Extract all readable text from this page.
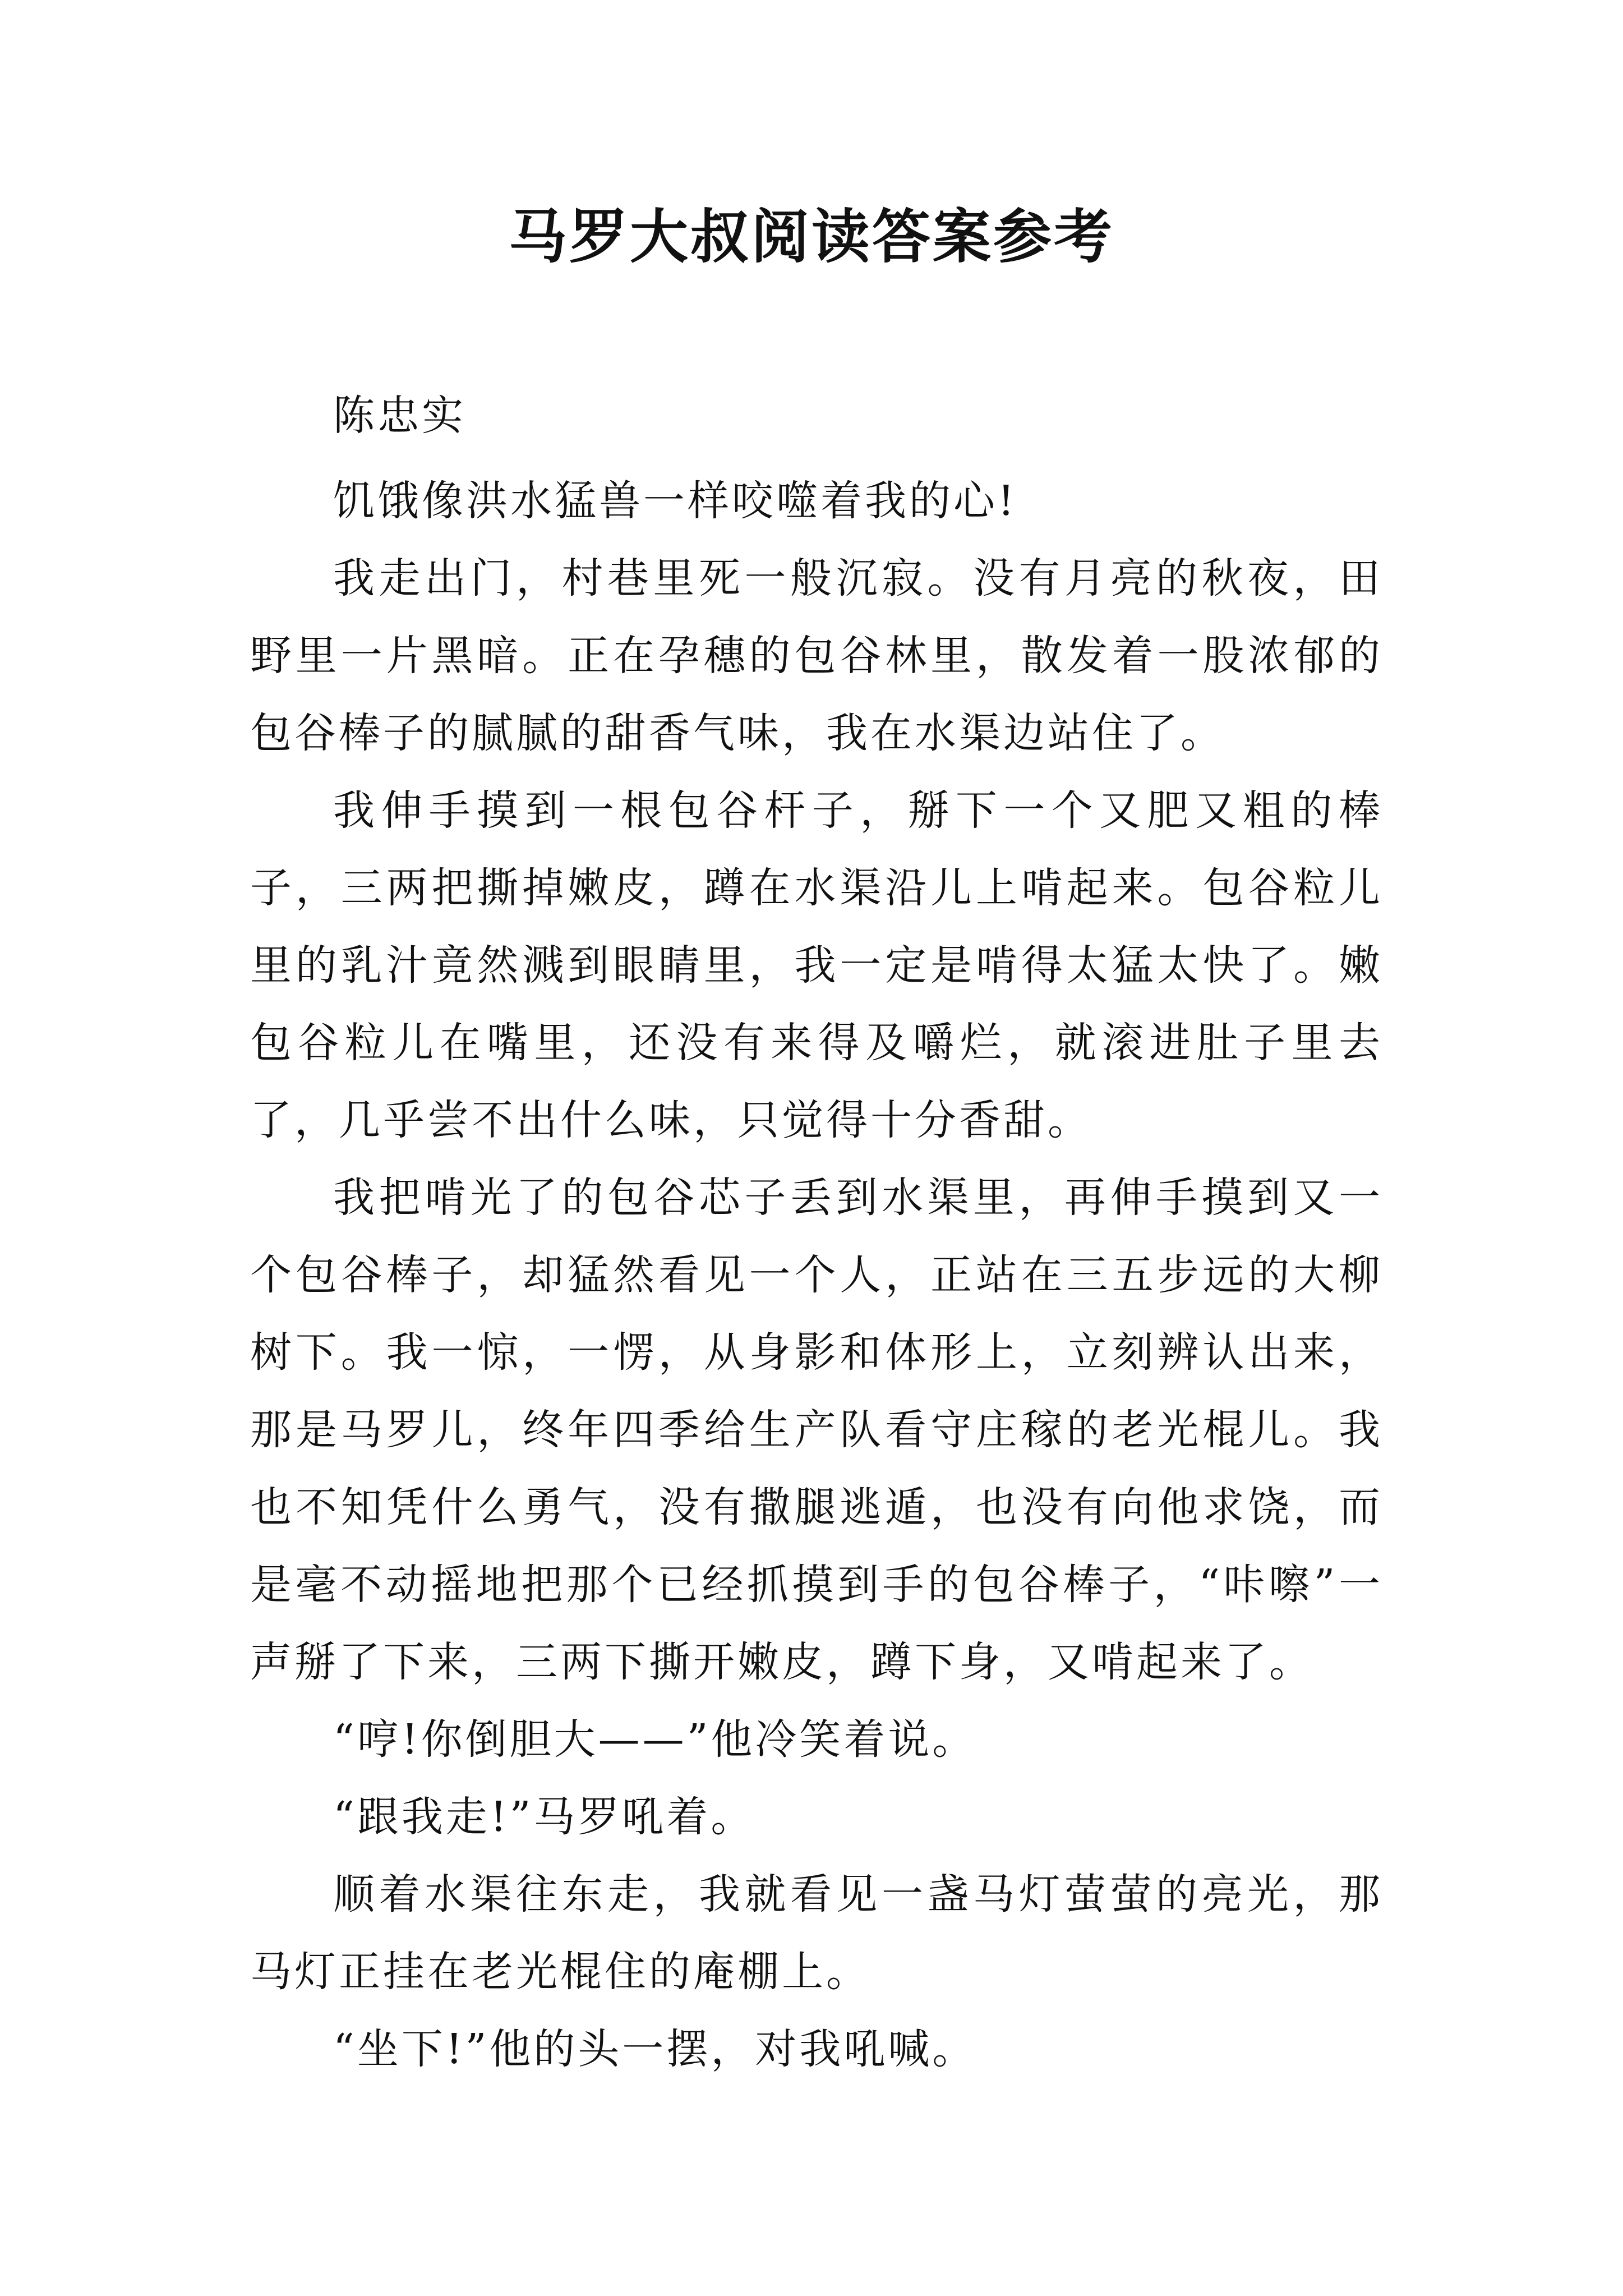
马罗大叔阅读答案参考

陈忠实

饥饿像洪水猛兽一样咬噬着我的心!

我走出门，村巷里死一般沉寂。没有月亮的秋夜，田野里一片黑暗。正在孕穗的包谷林里，散发着一股浓郁的包谷棒子的腻腻的甜香气味，我在水渠边站住了。

我伸手摸到一根包谷杆子，掰下一个又肥又粗的棒子，三两把撕掉嫩皮，蹲在水渠沿儿上啃起来。包谷粒儿里的乳汁竟然溅到眼睛里，我一定是啃得太猛太快了。嫩包谷粒儿在嘴里，还没有来得及嚼烂，就滚进肚子里去了，几乎尝不出什么味，只觉得十分香甜。

我把啃光了的包谷芯子丢到水渠里，再伸手摸到又一个包谷棒子，却猛然看见一个人，正站在三五步远的大柳树下。我一惊，一愣，从身影和体形上，立刻辨认出来，那是马罗儿，终年四季给生产队看守庄稼的老光棍儿。我也不知凭什么勇气，没有撒腿逃遁，也没有向他求饶，而是毫不动摇地把那个已经抓摸到手的包谷棒子，“咔嚓”一声掰了下来，三两下撕开嫩皮，蹲下身，又啃起来了。

“哼!你倒胆大——”他冷笑着说。

“跟我走!”马罗吼着。

顺着水渠往东走，我就看见一盏马灯萤萤的亮光，那马灯正挂在老光棍住的庵棚上。

“坐下!”他的头一摆，对我吼喊。
